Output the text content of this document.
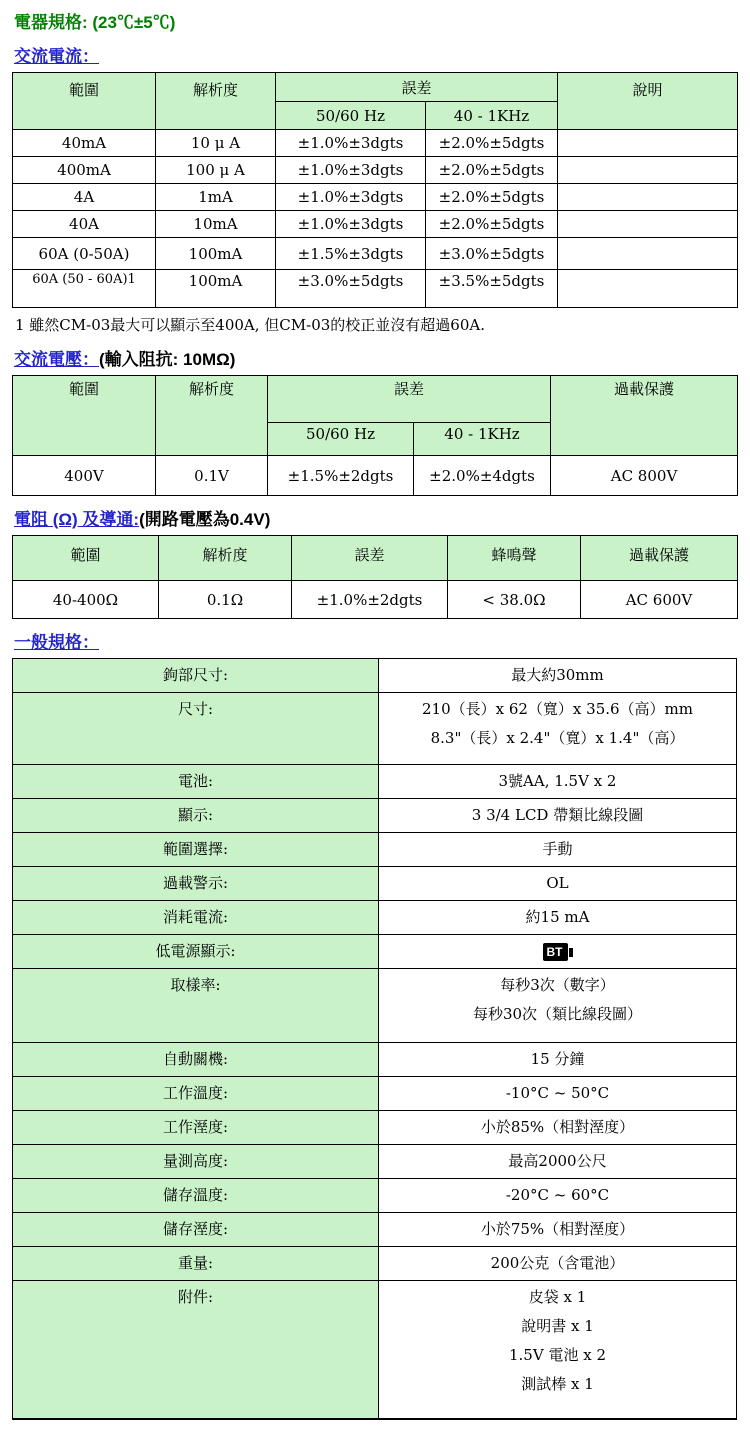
電器規格: (23℃±5℃)
交流電流：
範圍	解析度	誤差		說明
		50/60 Hz	40 - 1KHz	
40mA	10 μ A	±1.0%±3dgts	±2.0%±5dgts	
400mA	100 μ A	±1.0%±3dgts	±2.0%±5dgts	
4A	1mA	±1.0%±3dgts	±2.0%±5dgts	
40A	10mA	±1.0%±3dgts	±2.0%±5dgts	
60A (0-50A)	100mA	±1.5%±3dgts	±3.0%±5dgts	
60A (50 - 60A)1	100mA	±3.0%±5dgts	±3.5%±5dgts	
1 雖然CM-03最大可以顯示至400A, 但CM-03的校正並沒有超過60A.
交流電壓：(輸入阻抗: 10MΩ)
範圍	解析度	誤差		過載保護
		50/60 Hz	40 - 1KHz	
400V	0.1V	±1.5%±2dgts	±2.0%±4dgts	AC 800V
電阻 (Ω) 及導通:(開路電壓為0.4V)
範圍	解析度	誤差	蜂鳴聲	過載保護
40-400Ω	0.1Ω	±1.0%±2dgts	< 38.0Ω	AC 600V
一般規格：
鉤部尺寸:	最大約30mm

尺寸:	210（長）x 62（寬）x 35.6（高）mm
8.3"（長）x 2.4"（寬）x 1.4"（高）

電池:	3號AA, 1.5V x 2

顯示:	3 3/4 LCD 帶類比線段圖

範圍選擇:	手動

過載警示:	OL

消耗電流:	約15 mA

低電源顯示:	BT

取樣率:	每秒3次（數字）
每秒30次（類比線段圖）

自動關機:	15 分鐘

工作溫度:	-10°C ~ 50°C

工作溼度:	小於85%（相對溼度）

量測高度:	最高2000公尺

儲存溫度:	-20°C ~ 60°C

儲存溼度:	小於75%（相對溼度）

重量:	200公克（含電池）

附件:	皮袋 x 1
說明書 x 1
1.5V 電池 x 2
測試棒 x 1
